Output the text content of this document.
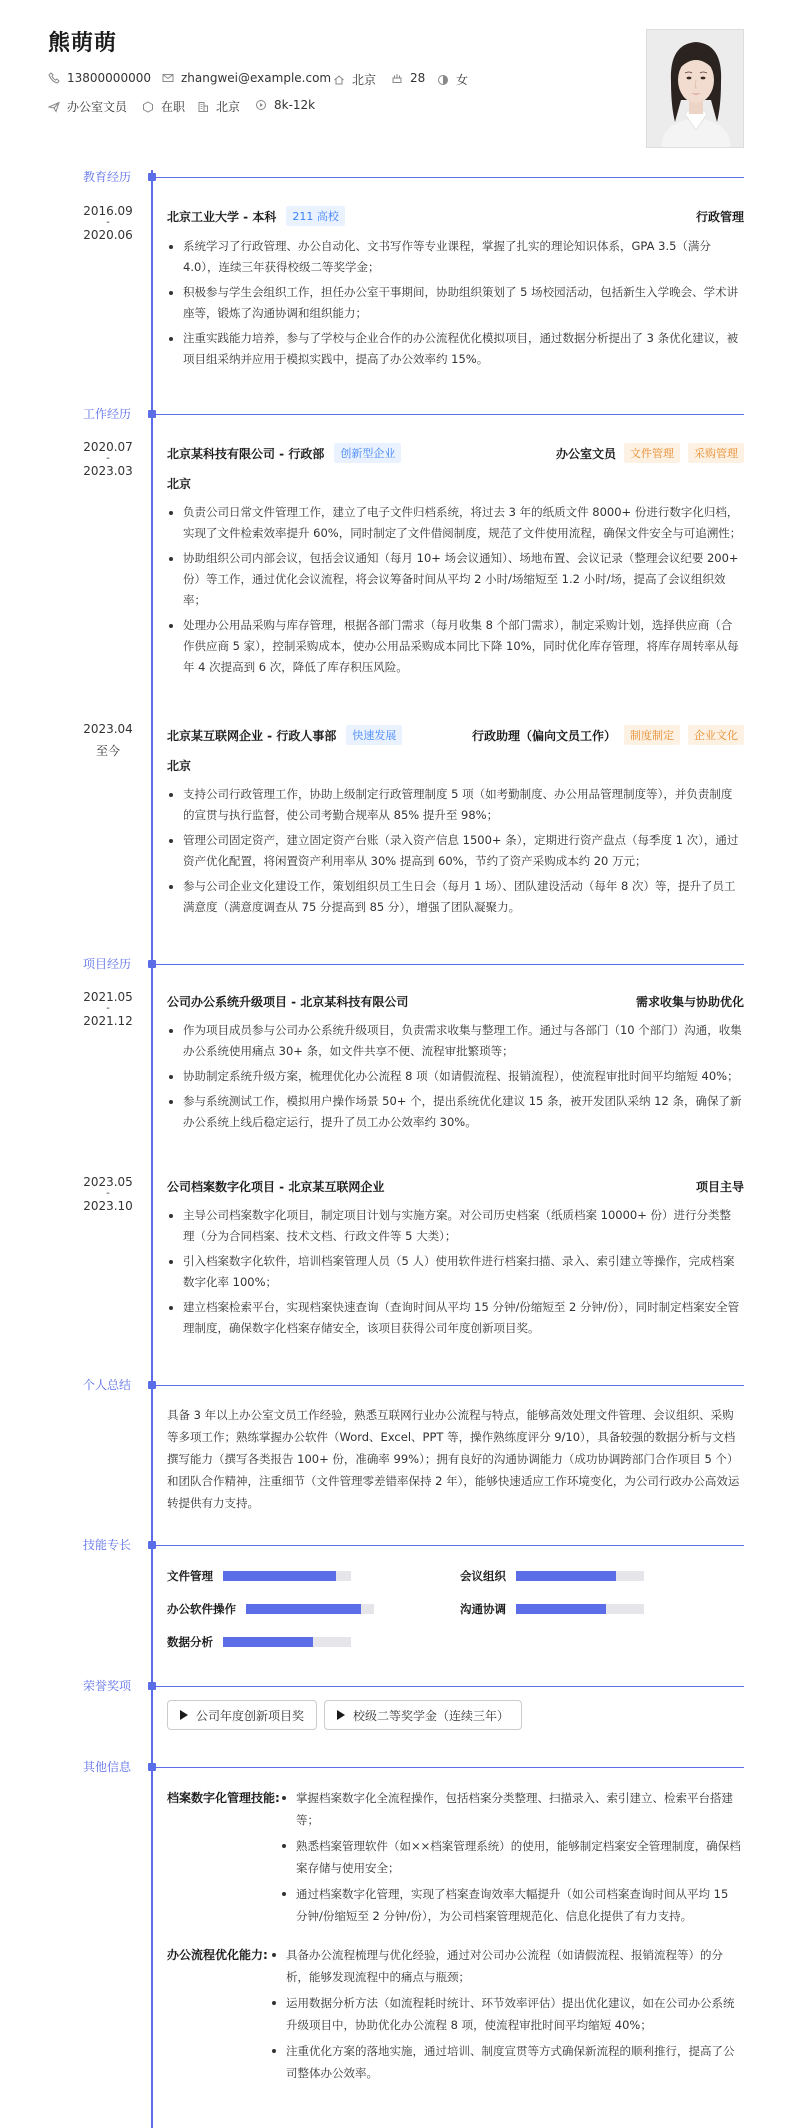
熊萌萌
13800000000	zhangwei@example.com 北京	28	女
办公室文员	在职	北京	8k-12k
教育经历
2016.09
-
2020.06
北京工业大学 - 本科	211 高校	行政管理
系统学习了行政管理、办公自动化、文书写作等专业课程，掌握了扎实的理论知识体系，GPA 3.5（满分4.0），连续三年获得校级二等奖学金；
积极参与学生会组织工作，担任办公室干事期间，协助组织策划了 5 场校园活动，包括新生入学晚会、学术讲座等，锻炼了沟通协调和组织能力；
注重实践能力培养，参与了学校与企业合作的办公流程优化模拟项目，通过数据分析提出了 3 条优化建议，被项目组采纳并应用于模拟实践中，提高了办公效率约 15%。
工作经历
2020.07
-
2023.03
北京某科技有限公司 - 行政部	创新型企业	办公室文员	文件管理	采购管理
北京
负责公司日常文件管理工作，建立了电子文件归档系统，将过去 3 年的纸质文件 8000+ 份进行数字化归档，实现了文件检索效率提升 60%，同时制定了文件借阅制度，规范了文件使用流程，确保文件安全与可追溯性；
协助组织公司内部会议，包括会议通知（每月 10+ 场会议通知）、场地布置、会议记录（整理会议纪要 200+ 份）等工作，通过优化会议流程，将会议筹备时间从平均 2 小时/场缩短至 1.2 小时/场，提高了会议组织效率；
处理办公用品采购与库存管理，根据各部门需求（每月收集 8 个部门需求），制定采购计划，选择供应商（合作供应商 5 家），控制采购成本，使办公用品采购成本同比下降 10%，同时优化库存管理，将库存周转率从每年 4 次提高到 6 次，降低了库存积压风险。
2023.04

至今
北京某互联网企业 - 行政人事部	快速发展	行政助理（偏向文员工作）	制度制定	企业文化
北京
支持公司行政管理工作，协助上级制定行政管理制度 5 项（如考勤制度、办公用品管理制度等），并负责制度的宣贯与执行监督，使公司考勤合规率从 85% 提升至 98%；
管理公司固定资产，建立固定资产台账（录入资产信息 1500+ 条），定期进行资产盘点（每季度 1 次），通过资产优化配置，将闲置资产利用率从 30% 提高到 60%，节约了资产采购成本约 20 万元；
参与公司企业文化建设工作，策划组织员工生日会（每月 1 场）、团队建设活动（每年 8 次）等，提升了员工满意度（满意度调查从 75 分提高到 85 分），增强了团队凝聚力。
项目经历
2021.05
-
2021.12
公司办公系统升级项目 - 北京某科技有限公司	需求收集与协助优化
作为项目成员参与公司办公系统升级项目，负责需求收集与整理工作。通过与各部门（10 个部门）沟通，收集办公系统使用痛点 30+ 条，如文件共享不便、流程审批繁琐等；
协助制定系统升级方案，梳理优化办公流程 8 项（如请假流程、报销流程），使流程审批时间平均缩短 40%；
参与系统测试工作，模拟用户操作场景 50+ 个，提出系统优化建议 15 条，被开发团队采纳 12 条，确保了新办公系统上线后稳定运行，提升了员工办公效率约 30%。
2023.05
-
2023.10
公司档案数字化项目 - 北京某互联网企业	项目主导
主导公司档案数字化项目，制定项目计划与实施方案。对公司历史档案（纸质档案 10000+ 份）进行分类整理（分为合同档案、技术文档、行政文件等 5 大类）；
引入档案数字化软件，培训档案管理人员（5 人）使用软件进行档案扫描、录入、索引建立等操作，完成档案数字化率 100%；
建立档案检索平台，实现档案快速查询（查询时间从平均 15 分钟/份缩短至 2 分钟/份），同时制定档案安全管理制度，确保数字化档案存储安全，该项目获得公司年度创新项目奖。
个人总结
具备 3 年以上办公室文员工作经验，熟悉互联网行业办公流程与特点，能够高效处理文件管理、会议组织、采购等多项工作；熟练掌握办公软件（Word、Excel、PPT 等，操作熟练度评分 9/10），具备较强的数据分析与文档撰写能力（撰写各类报告 100+ 份，准确率 99%）；拥有良好的沟通协调能力（成功协调跨部门合作项目 5 个）和团队合作精神，注重细节（文件管理零差错率保持 2 年），能够快速适应工作环境变化，为公司行政办公高效运转提供有力支持。
技能专长
文件管理	会议组织
办公软件操作	沟通协调
数据分析
荣誉奖项
公司年度创新项目奖	校级二等奖学金（连续三年）
其他信息
档案数字化管理技能:	掌握档案数字化全流程操作，包括档案分类整理、扫描录入、索引建立、检索平台搭建等；
熟悉档案管理软件（如××档案管理系统）的使用，能够制定档案安全管理制度，确保档案存储与使用安全；
通过档案数字化管理，实现了档案查询效率大幅提升（如公司档案查询时间从平均 15 分钟/份缩短至 2 分钟/份），为公司档案管理规范化、信息化提供了有力支持。
办公流程优化能力:	具备办公流程梳理与优化经验，通过对公司办公流程（如请假流程、报销流程等）的分析，能够发现流程中的痛点与瓶颈；
运用数据分析方法（如流程耗时统计、环节效率评估）提出优化建议，如在公司办公系统升级项目中，协助优化办公流程 8 项，使流程审批时间平均缩短 40%；
注重优化方案的落地实施，通过培训、制度宣贯等方式确保新流程的顺利推行，提高了公司整体办公效率。
